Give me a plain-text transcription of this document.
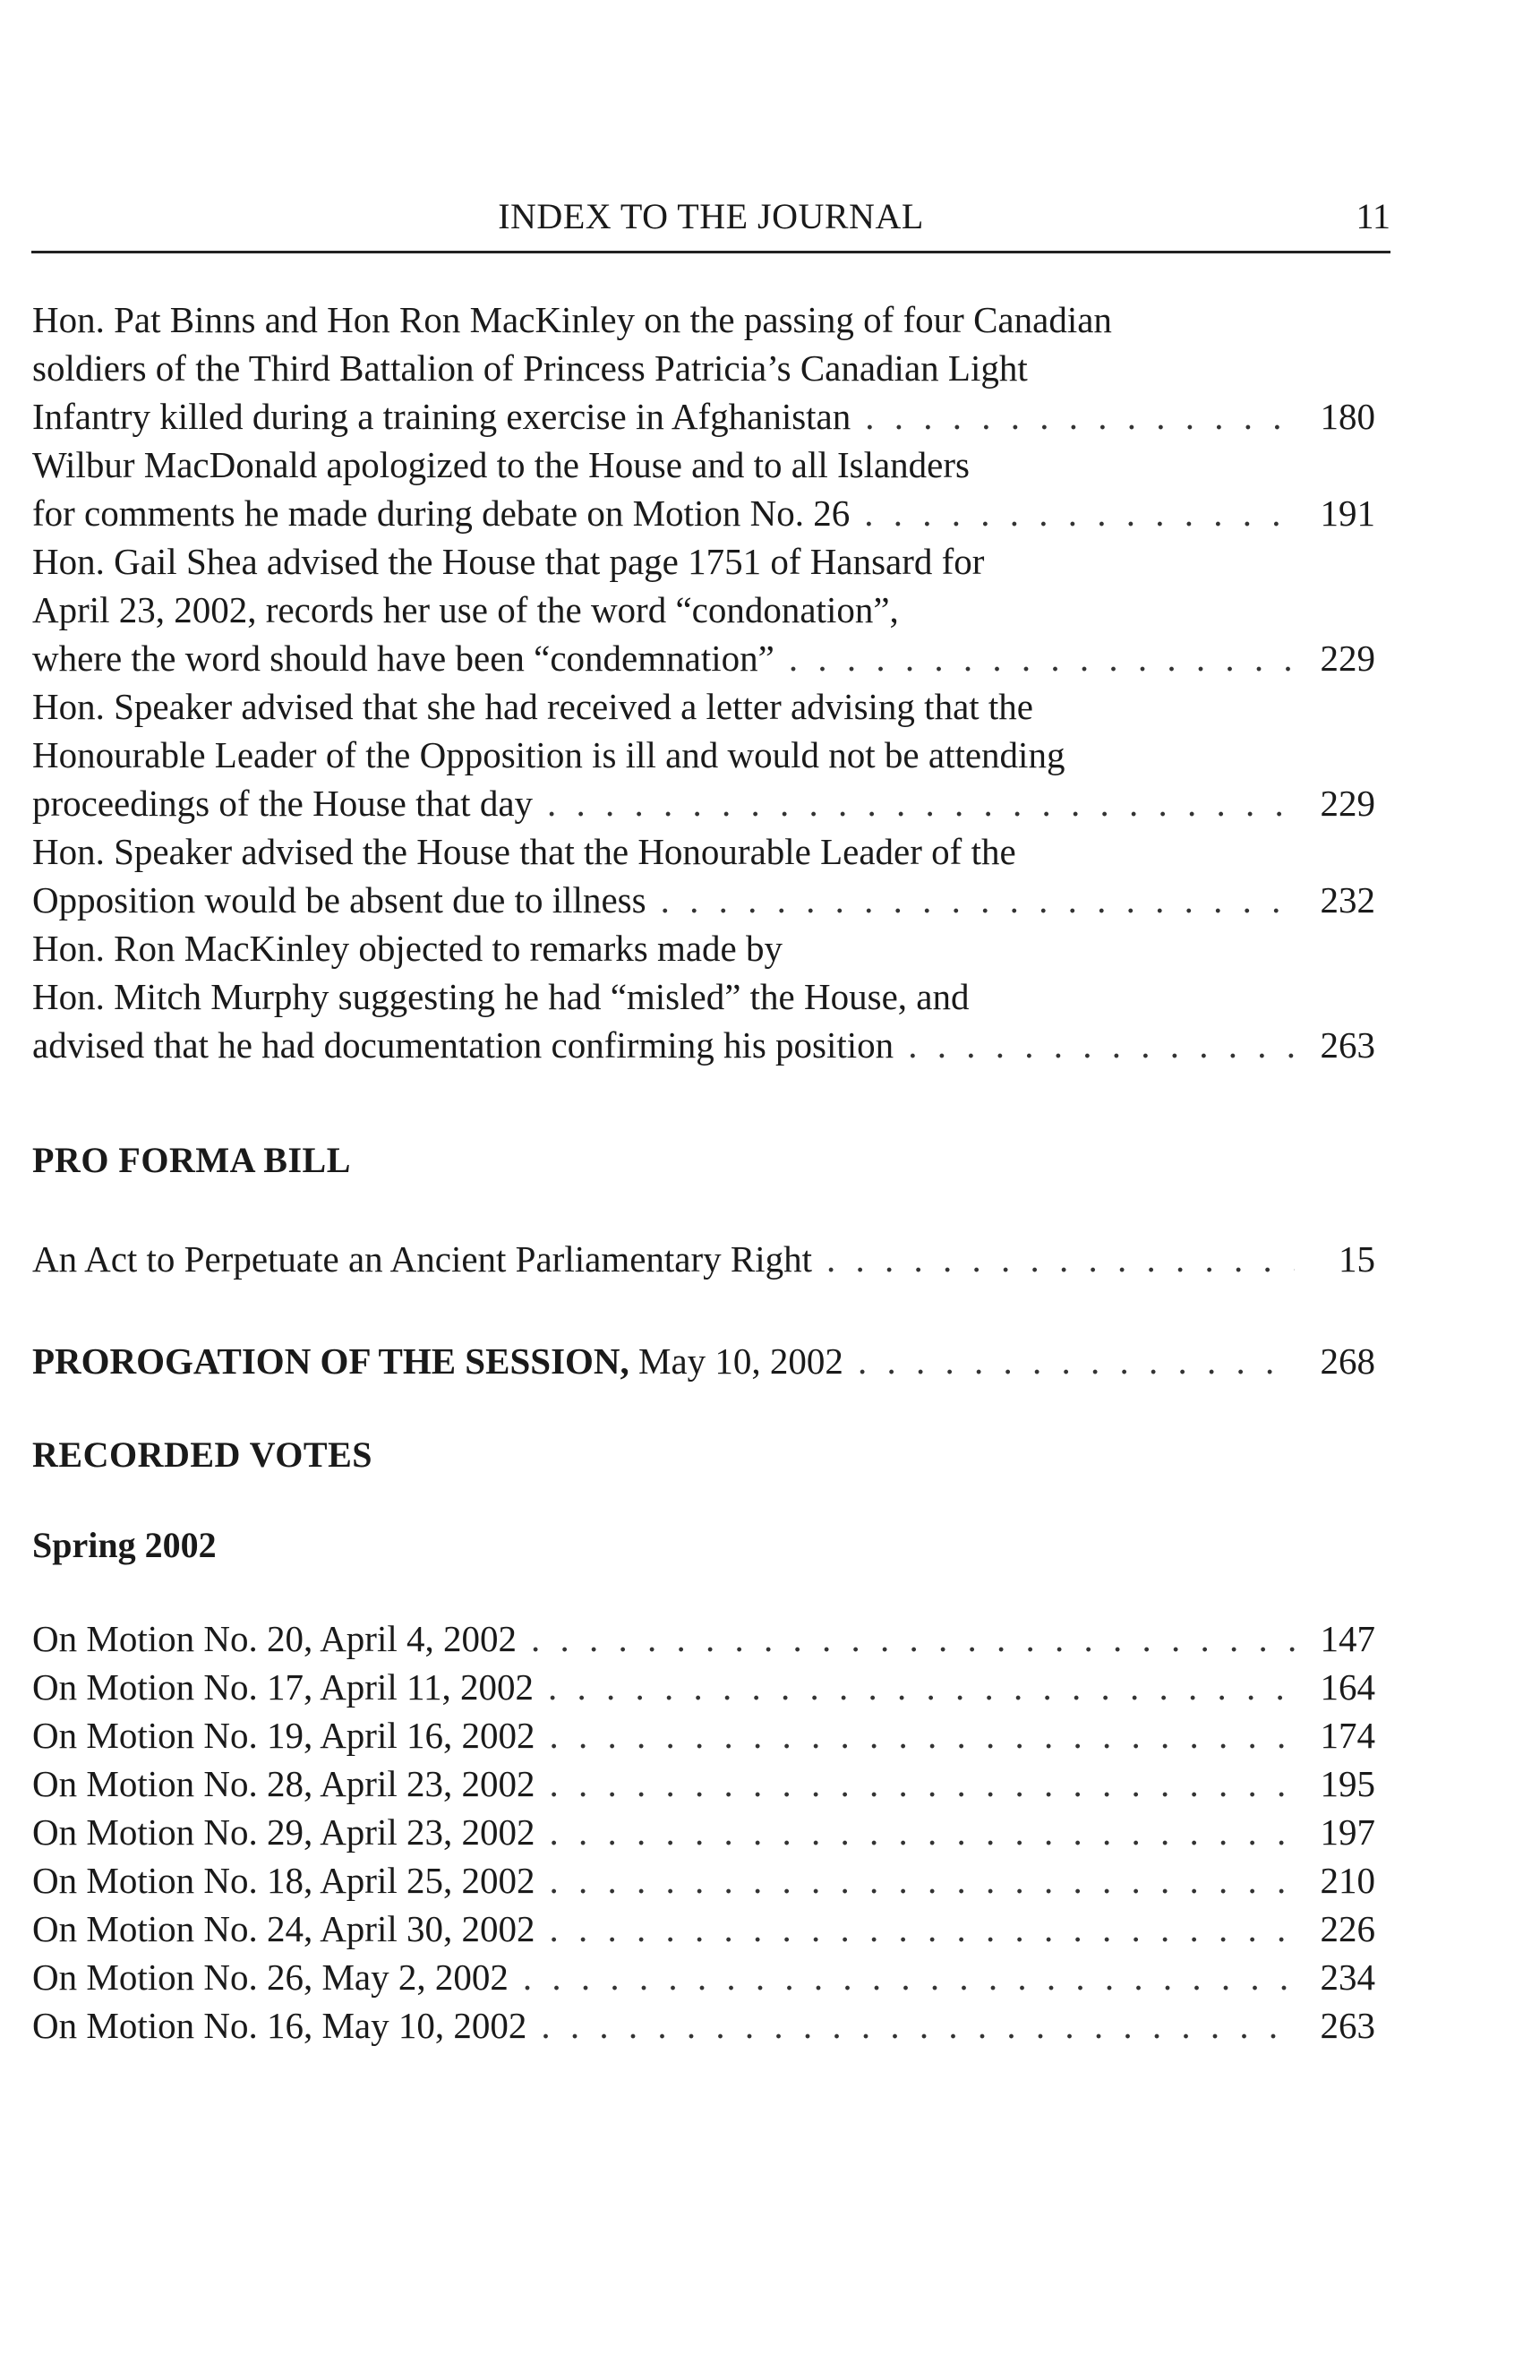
INDEX TO THE JOURNAL	11
Hon. Pat Binns and Hon Ron MacKinley on the passing of four Canadian
soldiers of the Third Battalion of Princess Patricia’s Canadian Light
Infantry killed during a training exercise in Afghanistan . . .	180
Wilbur MacDonald apologized to the House and to all Islanders
for comments he made during debate on Motion No. 26 . . .	191
Hon. Gail Shea advised the House that page 1751 of Hansard for
April 23, 2002, records her use of the word “condonation”,
where the word should have been “condemnation” . . .	229
Hon. Speaker advised that she had received a letter advising that the
Honourable Leader of the Opposition is ill and would not be attending
proceedings of the House that day . . .	229
Hon. Speaker advised the House that the Honourable Leader of the
Opposition would be absent due to illness . . .	232
Hon. Ron MacKinley objected to remarks made by
Hon. Mitch Murphy suggesting he had “misled” the House, and
advised that he had documentation confirming his position . . .	263
PRO FORMA BILL
An Act to Perpetuate an Ancient Parliamentary Right . . .	15
PROROGATION OF THE SESSION, May 10, 2002 . . .	268
RECORDED VOTES
Spring 2002
On Motion No. 20, April 4, 2002 . . .	147
On Motion No. 17, April 11, 2002 . . .	164
On Motion No. 19, April 16, 2002 . . .	174
On Motion No. 28, April 23, 2002 . . .	195
On Motion No. 29, April 23, 2002 . . .	197
On Motion No. 18, April 25, 2002 . . .	210
On Motion No. 24, April 30, 2002 . . .	226
On Motion No. 26, May 2, 2002 . . .	234
On Motion No. 16, May 10, 2002 . . .	263
